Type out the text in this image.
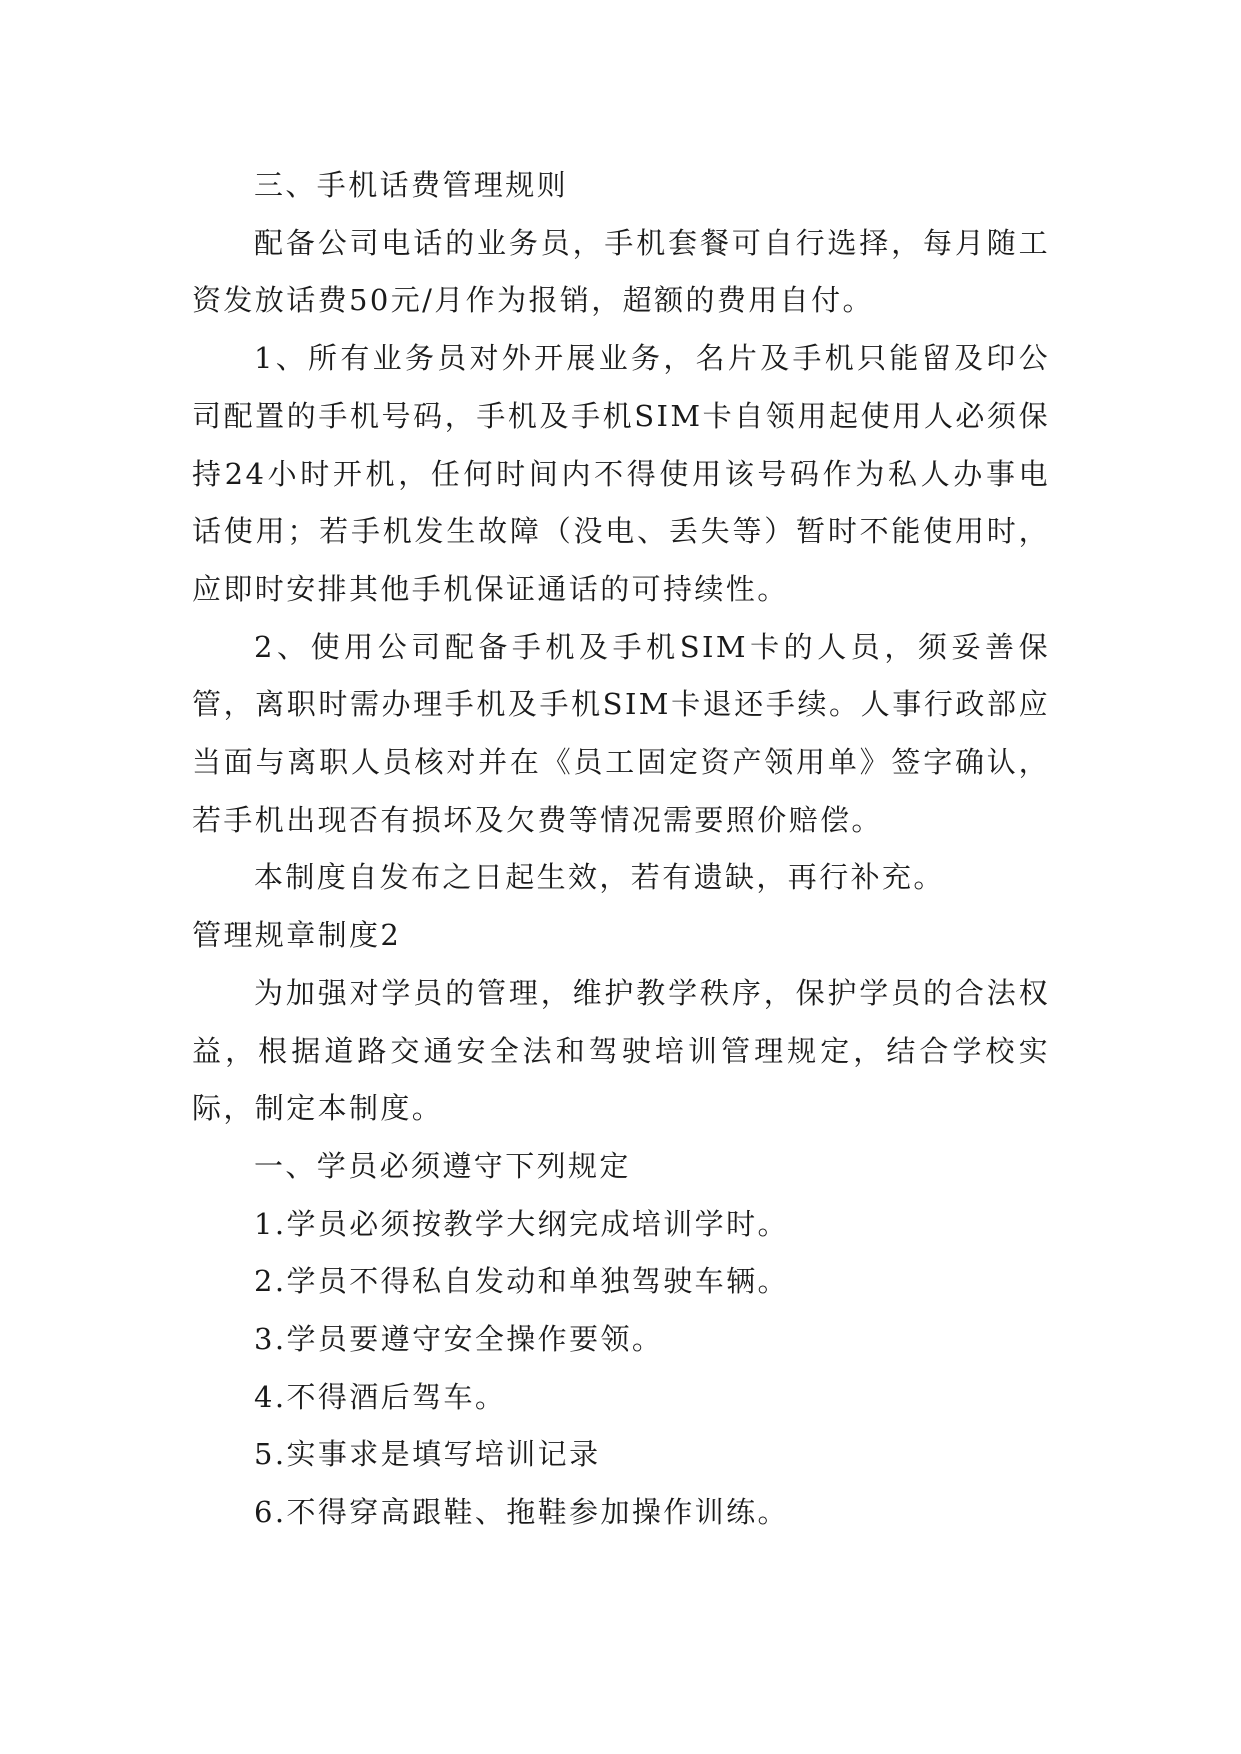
三、手机话费管理规则

配备公司电话的业务员，手机套餐可自行选择，每月随工资发放话费50元/月作为报销，超额的费用自付。

1、所有业务员对外开展业务，名片及手机只能留及印公司配置的手机号码，手机及手机SIM卡自领用起使用人必须保持24小时开机，任何时间内不得使用该号码作为私人办事电话使用；若手机发生故障（没电、丢失等）暂时不能使用时，应即时安排其他手机保证通话的可持续性。

2、使用公司配备手机及手机SIM卡的人员，须妥善保管，离职时需办理手机及手机SIM卡退还手续。人事行政部应当面与离职人员核对并在《员工固定资产领用单》签字确认，若手机出现否有损坏及欠费等情况需要照价赔偿。

本制度自发布之日起生效，若有遗缺，再行补充。

管理规章制度2

为加强对学员的管理，维护教学秩序，保护学员的合法权益，根据道路交通安全法和驾驶培训管理规定，结合学校实际，制定本制度。

一、学员必须遵守下列规定

1.学员必须按教学大纲完成培训学时。

2.学员不得私自发动和单独驾驶车辆。

3.学员要遵守安全操作要领。

4.不得酒后驾车。

5.实事求是填写培训记录

6.不得穿高跟鞋、拖鞋参加操作训练。
